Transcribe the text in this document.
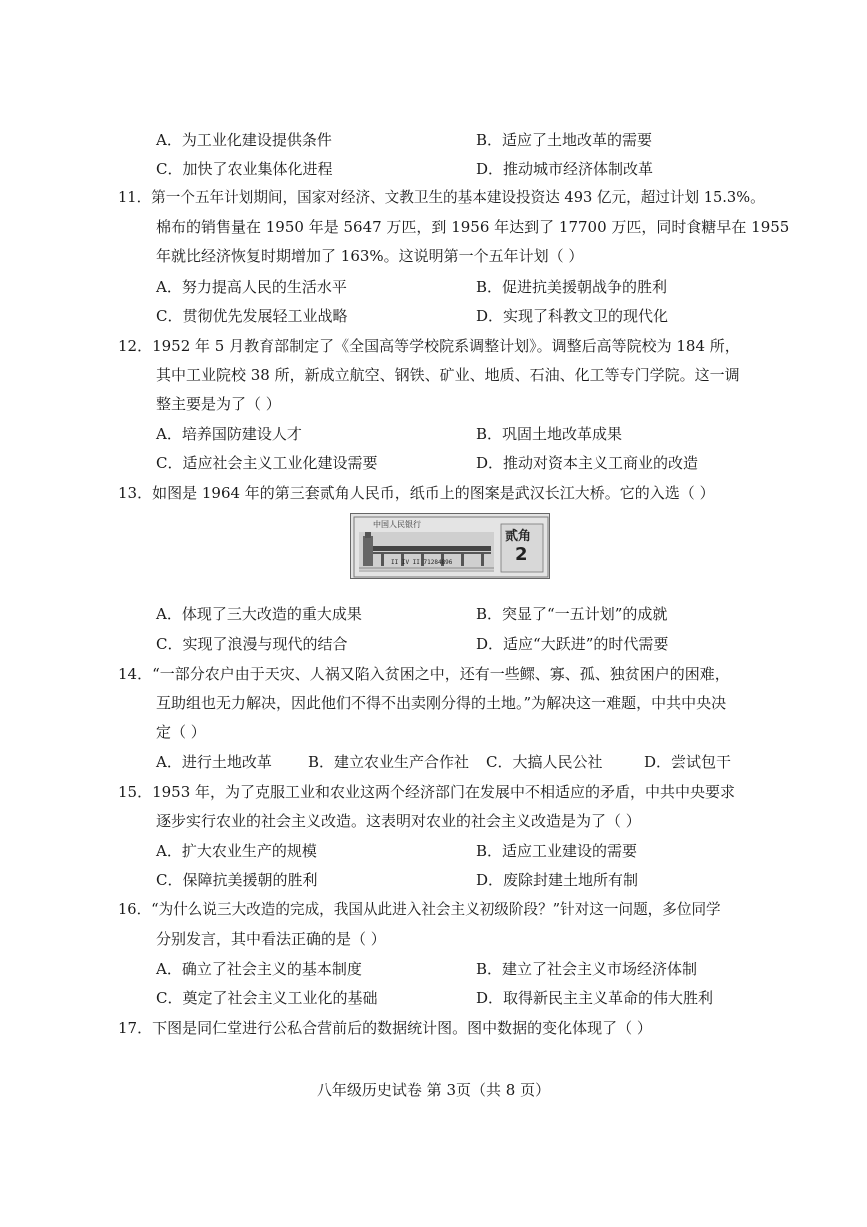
A．为工业化建设提供条件	B．适应了土地改革的需要
C．加快了农业集体化进程	D．推动城市经济体制改革
11．第一个五年计划期间，国家对经济、文教卫生的基本建设投资达 493 亿元，超过计划 15.3%。
棉布的销售量在 1950 年是 5647 万匹，到 1956 年达到了 17700 万匹，同时食糖早在 1955
年就比经济恢复时期增加了 163%。这说明第一个五年计划（ ）
A．努力提高人民的生活水平	B．促进抗美援朝战争的胜利
C．贯彻优先发展轻工业战略	D．实现了科教文卫的现代化
12．1952 年 5 月教育部制定了《全国高等学校院系调整计划》。调整后高等院校为 184 所，
其中工业院校 38 所，新成立航空、钢铁、矿业、地质、石油、化工等专门学院。这一调
整主要是为了（ ）
A．培养国防建设人才	B．巩固土地改革成果
C．适应社会主义工业化建设需要	D．推动对资本主义工商业的改造
13．如图是 1964 年的第三套贰角人民币，纸币上的图案是武汉长江大桥。它的入选（ ）
中国人民银行
II IV II 71284896
贰角
2
A．体现了三大改造的重大成果	B．突显了“一五计划”的成就
C．实现了浪漫与现代的结合	D．适应“大跃进”的时代需要
14．“一部分农户由于天灾、人祸又陷入贫困之中，还有一些鳏、寡、孤、独贫困户的困难，
互助组也无力解决，因此他们不得不出卖刚分得的土地。”为解决这一难题，中共中央决
定（ ）
A．进行土地改革 B．建立农业生产合作社 C．大搞人民公社	D．尝试包干
15．1953 年，为了克服工业和农业这两个经济部门在发展中不相适应的矛盾，中共中央要求
逐步实行农业的社会主义改造。这表明对农业的社会主义改造是为了（ ）
A．扩大农业生产的规模	B．适应工业建设的需要
C．保障抗美援朝的胜利	D．废除封建土地所有制
16．“为什么说三大改造的完成，我国从此进入社会主义初级阶段？”针对这一问题，多位同学
分别发言，其中看法正确的是（ ）
A．确立了社会主义的基本制度	B．建立了社会主义市场经济体制
C．奠定了社会主义工业化的基础	D．取得新民主主义革命的伟大胜利
17．下图是同仁堂进行公私合营前后的数据统计图。图中数据的变化体现了（ ）
八年级历史试卷 第 3页（共 8 页）
